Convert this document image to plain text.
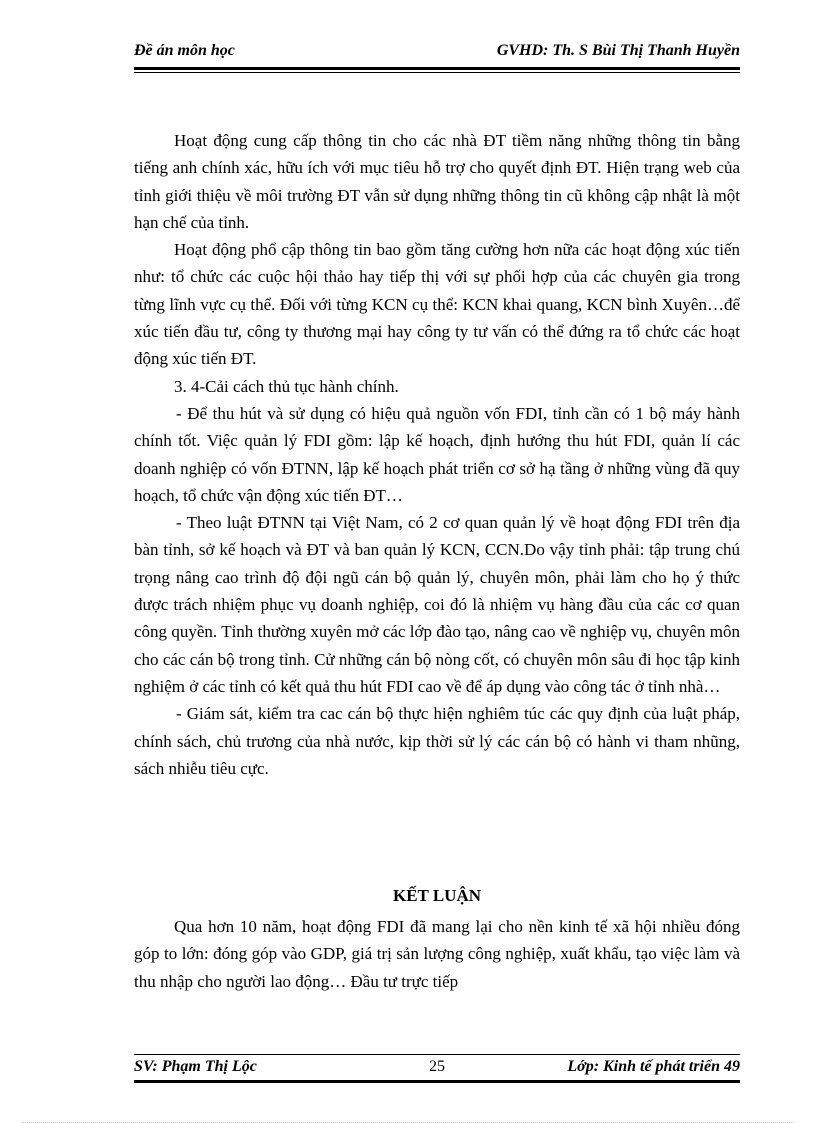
Đề án môn học	GVHD: Th. S Bùi Thị Thanh Huyền

Hoạt động cung cấp thông tin cho các nhà ĐT tiềm năng những thông tin bằng tiếng anh chính xác, hữu ích với mục tiêu hỗ trợ cho quyết định ĐT. Hiện trạng web của tỉnh giới thiệu về môi trường ĐT vẫn sử dụng những thông tin cũ không cập nhật là một hạn chế của tỉnh.

Hoạt động phổ cập thông tin bao gồm tăng cường hơn nữa các hoạt động xúc tiến như: tổ chức các cuộc hội thảo hay tiếp thị với sự phối hợp của các chuyên gia trong từng lĩnh vực cụ thể. Đối với từng KCN cụ thể: KCN khai quang, KCN bình Xuyên…để xúc tiến đầu tư, công ty thương mại hay công ty tư vấn có thể đứng ra tổ chức các hoạt động xúc tiến ĐT.

3. 4-Cải cách thủ tục hành chính.

- Để thu hút và sử dụng có hiệu quả nguồn vốn FDI, tỉnh cần có 1 bộ máy hành chính tốt. Việc quản lý FDI gồm: lập kế hoạch, định hướng thu hút FDI, quản lí các doanh nghiệp có vốn ĐTNN, lập kế hoạch phát triển cơ sở hạ tầng ở những vùng đã quy hoạch, tổ chức vận động xúc tiến ĐT…

- Theo luật ĐTNN tại Việt Nam, có 2 cơ quan quản lý về hoạt động FDI trên địa bàn tỉnh, sở kế hoạch và ĐT và ban quản lý KCN, CCN.Do vậy tỉnh phải: tập trung chú trọng nâng cao trình độ đội ngũ cán bộ quản lý, chuyên môn, phải làm cho họ ý thức được trách nhiệm phục vụ doanh nghiệp, coi đó là nhiệm vụ hàng đầu của các cơ quan công quyền. Tỉnh thường xuyên mở các lớp đào tạo, nâng cao về nghiệp vụ, chuyên môn cho các cán bộ trong tỉnh. Cử những cán bộ nòng cốt, có chuyên môn sâu đi học tập kinh nghiệm ở các tỉnh có kết quả thu hút FDI cao về để áp dụng vào công tác ở tỉnh nhà…

- Giám sát, kiểm tra cac cán bộ thực hiện nghiêm túc các quy định của luật pháp, chính sách, chủ trương của nhà nước, kịp thời sử lý các cán bộ có hành vi tham nhũng, sách nhiễu tiêu cực.

KẾT LUẬN

Qua hơn 10 năm, hoạt động FDI đã mang lại cho nền kinh tế xã hội nhiều đóng góp to lớn: đóng góp vào GDP, giá trị sản lượng công nghiệp, xuất khẩu, tạo việc làm và thu nhập cho người lao động… Đầu tư trực tiếp

SV: Phạm Thị Lộc	25	Lớp: Kinh tế phát triển 49
